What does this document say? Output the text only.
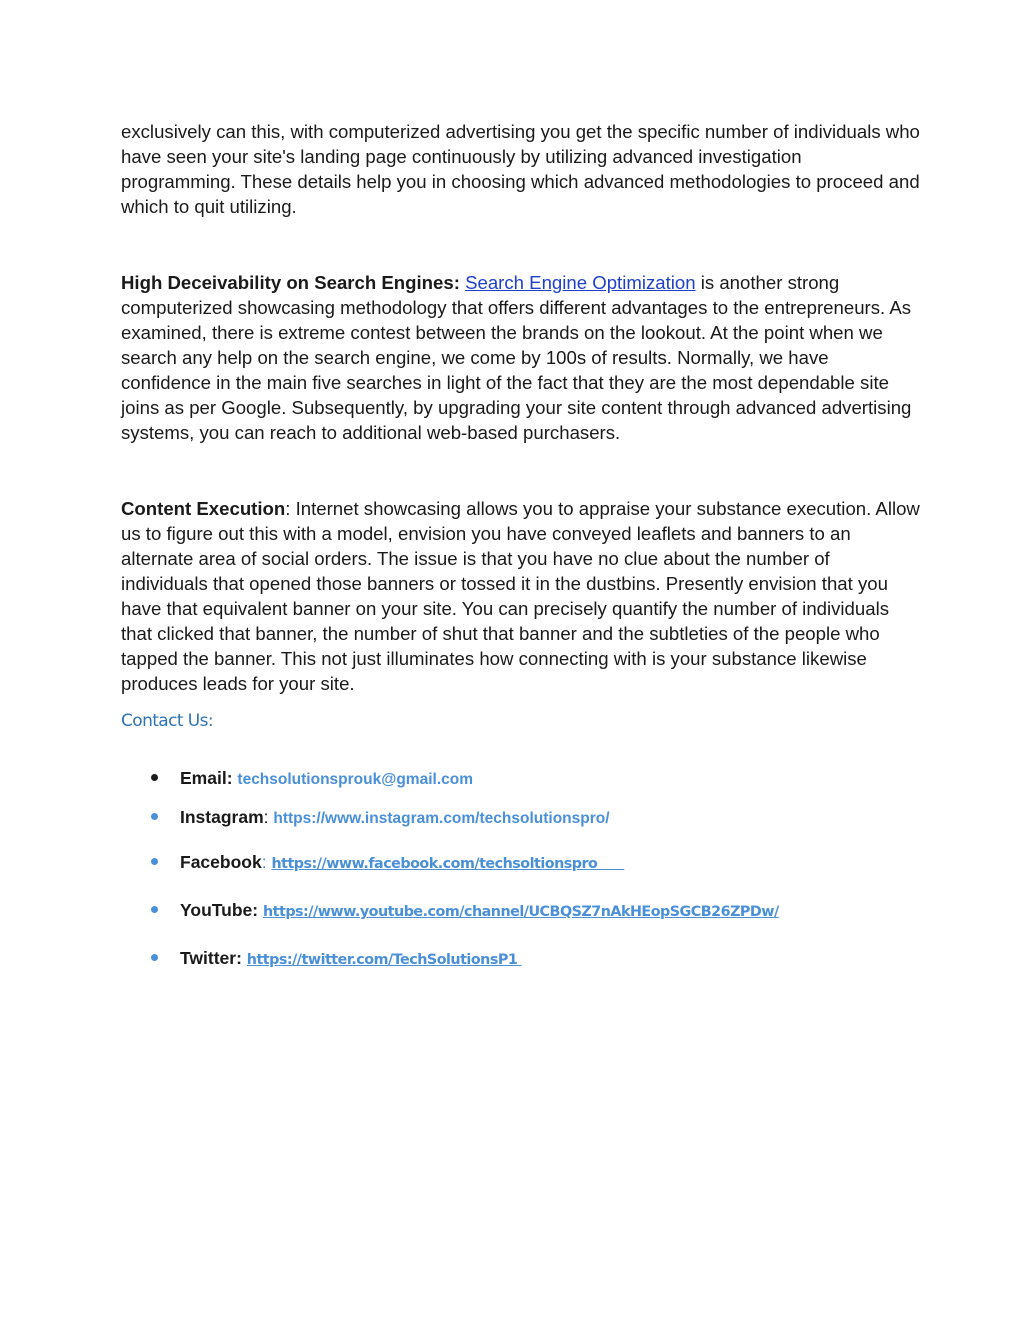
exclusively can this, with computerized advertising you get the specific number of individuals who have seen your site's landing page continuously by utilizing advanced investigation programming. These details help you in choosing which advanced methodologies to proceed and which to quit utilizing.

High Deceivability on Search Engines: Search Engine Optimization is another strong computerized showcasing methodology that offers different advantages to the entrepreneurs. As examined, there is extreme contest between the brands on the lookout. At the point when we search any help on the search engine, we come by 100s of results. Normally, we have confidence in the main five searches in light of the fact that they are the most dependable site joins as per Google. Subsequently, by upgrading your site content through advanced advertising systems, you can reach to additional web-based purchasers.

Content Execution: Internet showcasing allows you to appraise your substance execution. Allow us to figure out this with a model, envision you have conveyed leaflets and banners to an alternate area of social orders. The issue is that you have no clue about the number of individuals that opened those banners or tossed it in the dustbins. Presently envision that you have that equivalent banner on your site. You can precisely quantify the number of individuals that clicked that banner, the number of shut that banner and the subtleties of the people who tapped the banner. This not just illuminates how connecting with is your substance likewise produces leads for your site.

Contact Us:
Email: techsolutionsprouk@gmail.com
Instagram: https://www.instagram.com/techsolutionspro/
Facebook: https://www.facebook.com/techsoltionspro
YouTube: https://www.youtube.com/channel/UCBQSZ7nAkHEopSGCB26ZPDw/
Twitter: https://twitter.com/TechSolutionsP1
